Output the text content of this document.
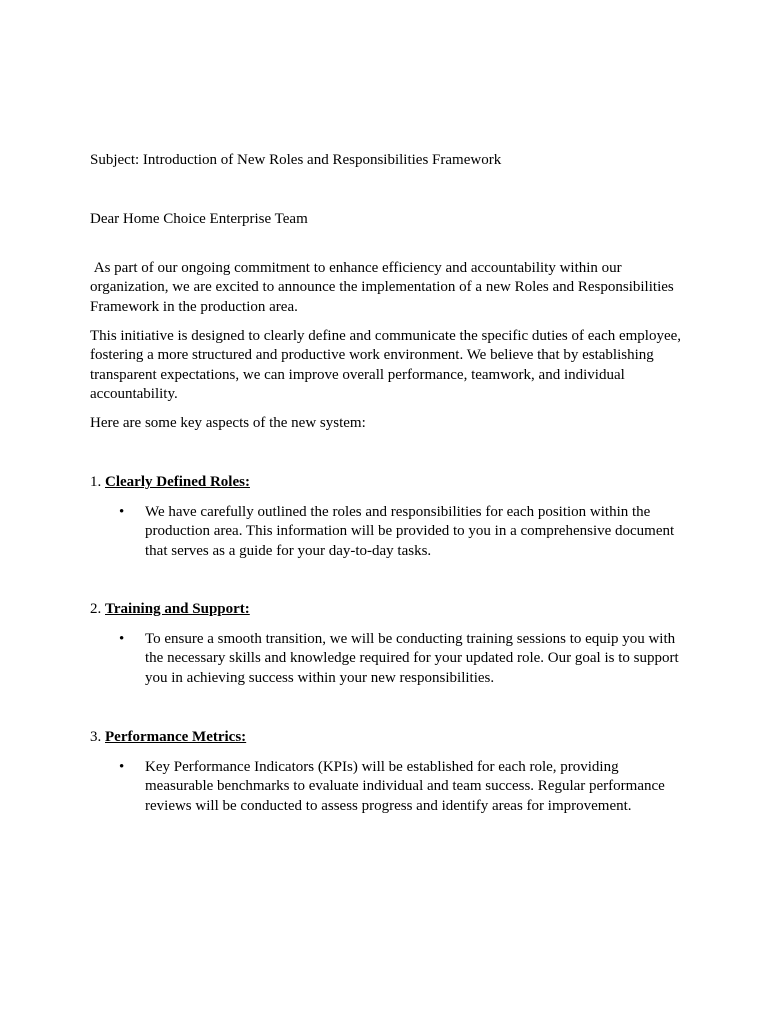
Subject: Introduction of New Roles and Responsibilities Framework

Dear Home Choice Enterprise Team

As part of our ongoing commitment to enhance efficiency and accountability within our organization, we are excited to announce the implementation of a new Roles and Responsibilities Framework in the production area.

This initiative is designed to clearly define and communicate the specific duties of each employee, fostering a more structured and productive work environment. We believe that by establishing transparent expectations, we can improve overall performance, teamwork, and individual accountability.

Here are some key aspects of the new system:

1. Clearly Defined Roles:

• We have carefully outlined the roles and responsibilities for each position within the production area. This information will be provided to you in a comprehensive document that serves as a guide for your day-to-day tasks.

2. Training and Support:

• To ensure a smooth transition, we will be conducting training sessions to equip you with the necessary skills and knowledge required for your updated role. Our goal is to support you in achieving success within your new responsibilities.

3. Performance Metrics:

• Key Performance Indicators (KPIs) will be established for each role, providing measurable benchmarks to evaluate individual and team success. Regular performance reviews will be conducted to assess progress and identify areas for improvement.
